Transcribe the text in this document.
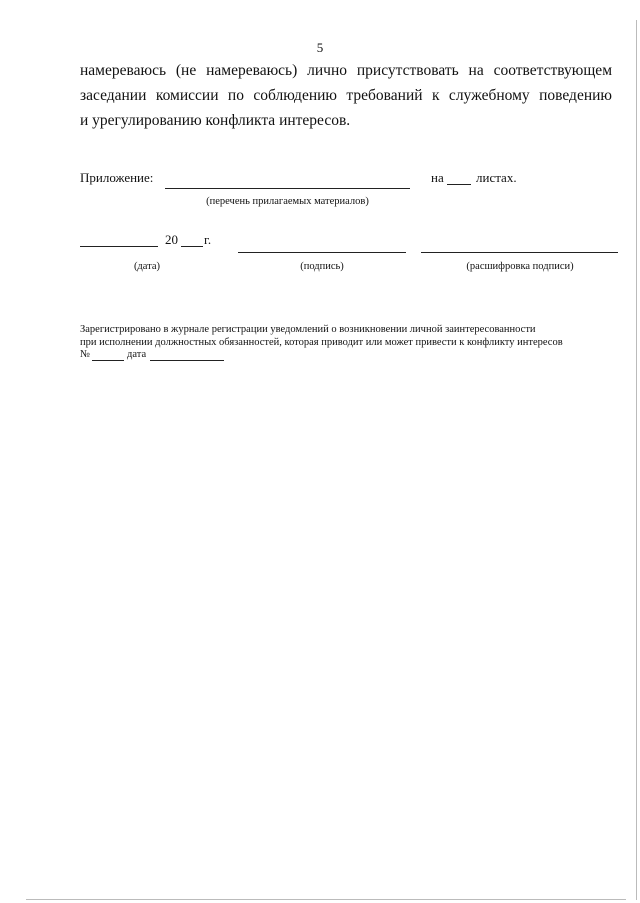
5
намереваюсь (не намереваюсь) лично присутствовать на соответствующем
заседании комиссии по соблюдению требований к служебному поведению
и урегулированию конфликта интересов.
Приложение:
(перечень прилагаемых материалов)
на листах.
20 г.
(дата)	(подпись)	(расшифровка подписи)
Зарегистрировано в журнале регистрации уведомлений о возникновении личной заинтересованности
при исполнении должностных обязанностей, которая приводит или может привести к конфликту интересов
№	дата
